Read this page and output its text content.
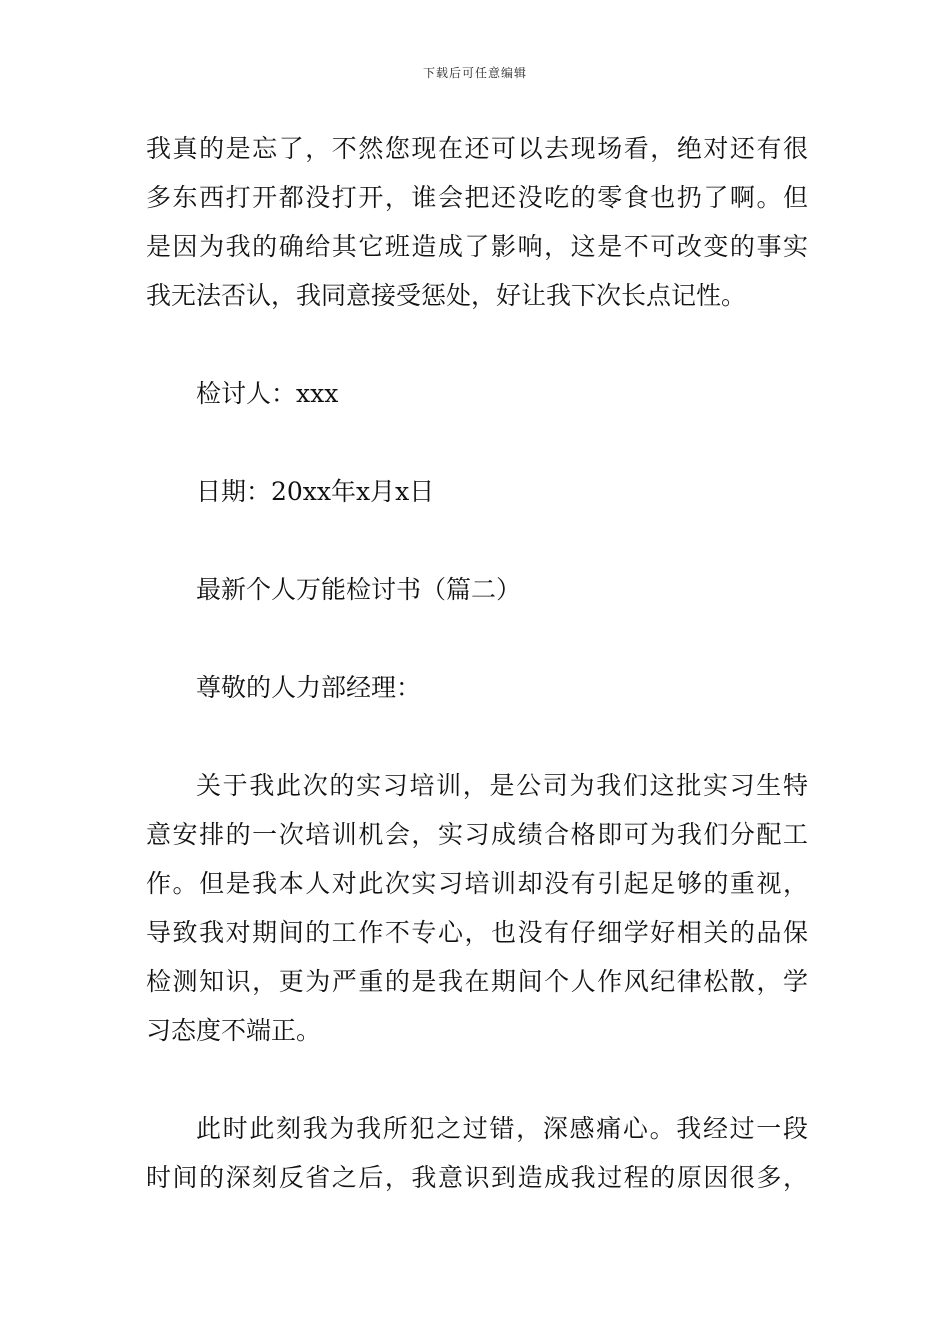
下载后可任意编辑
我真的是忘了，不然您现在还可以去现场看，绝对还有很
多东西打开都没打开，谁会把还没吃的零食也扔了啊。但
是因为我的确给其它班造成了影响，这是不可改变的事实
我无法否认，我同意接受惩处，好让我下次长点记性。
检讨人：xxx
日期：20xx年x月x日
最新个人万能检讨书（篇二）
尊敬的人力部经理：
关于我此次的实习培训，是公司为我们这批实习生特
意安排的一次培训机会，实习成绩合格即可为我们分配工
作。但是我本人对此次实习培训却没有引起足够的重视，
导致我对期间的工作不专心，也没有仔细学好相关的品保
检测知识，更为严重的是我在期间个人作风纪律松散，学
习态度不端正。
此时此刻我为我所犯之过错，深感痛心。我经过一段
时间的深刻反省之后，我意识到造成我过程的原因很多，
